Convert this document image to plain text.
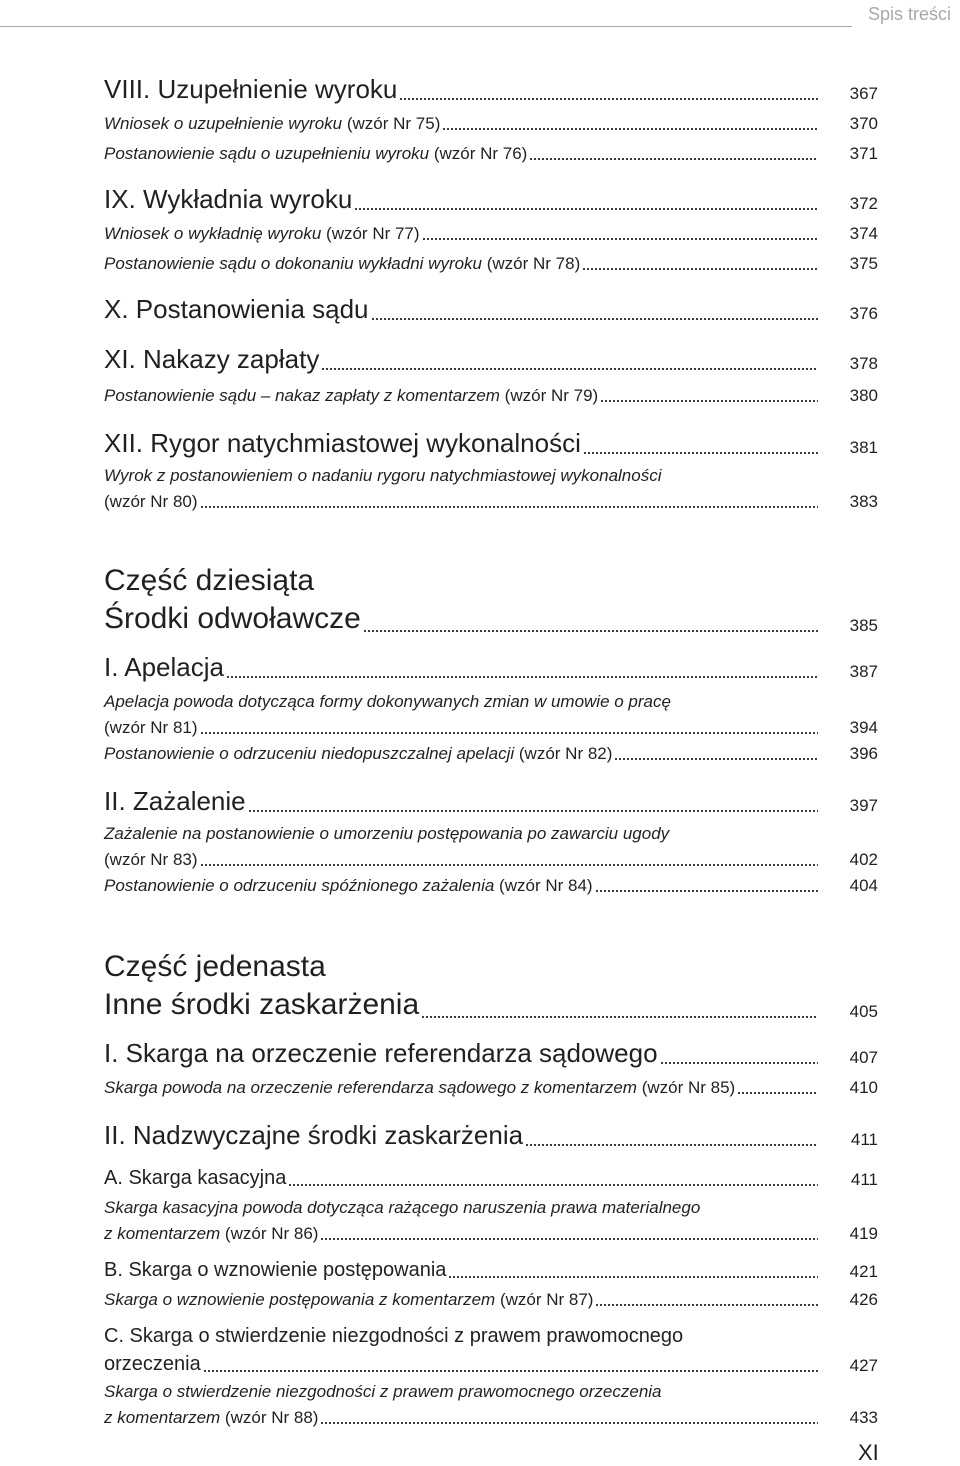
Spis treści
VIII. Uzupełnienie wyroku	367
Wniosek o uzupełnienie wyroku (wzór Nr 75)	370
Postanowienie sądu o uzupełnieniu wyroku (wzór Nr 76)	371
IX. Wykładnia wyroku	372
Wniosek o wykładnię wyroku (wzór Nr 77)	374
Postanowienie sądu o dokonaniu wykładni wyroku (wzór Nr 78)	375
X. Postanowienia sądu	376
XI. Nakazy zapłaty	378
Postanowienie sądu – nakaz zapłaty z komentarzem (wzór Nr 79)	380
XII. Rygor natychmiastowej wykonalności	381
Wyrok z postanowieniem o nadaniu rygoru natychmiastowej wykonalności
(wzór Nr 80)	383
Część dziesiąta
Środki odwoławcze	385
I. Apelacja	387
Apelacja powoda dotycząca formy dokonywanych zmian w umowie o pracę
(wzór Nr 81)	394
Postanowienie o odrzuceniu niedopuszczalnej apelacji (wzór Nr 82)	396
II. Zażalenie	397
Zażalenie na postanowienie o umorzeniu postępowania po zawarciu ugody
(wzór Nr 83)	402
Postanowienie o odrzuceniu spóźnionego zażalenia (wzór Nr 84)	404
Część jedenasta
Inne środki zaskarżenia	405
I. Skarga na orzeczenie referendarza sądowego	407
Skarga powoda na orzeczenie referendarza sądowego z komentarzem (wzór Nr 85)	410
II. Nadzwyczajne środki zaskarżenia	411
A. Skarga kasacyjna	411
Skarga kasacyjna powoda dotycząca rażącego naruszenia prawa materialnego
z komentarzem (wzór Nr 86)	419
B. Skarga o wznowienie postępowania	421
Skarga o wznowienie postępowania z komentarzem (wzór Nr 87)	426
C. Skarga o stwierdzenie niezgodności z prawem prawomocnego
orzeczenia	427
Skarga o stwierdzenie niezgodności z prawem prawomocnego orzeczenia
z komentarzem (wzór Nr 88)	433
XI
